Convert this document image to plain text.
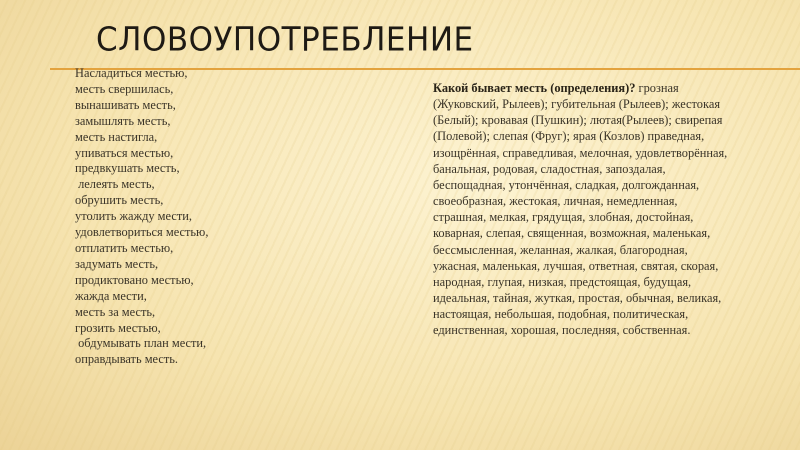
СЛОВОУПОТРЕБЛЕНИЕ
Насладиться местью,
месть свершилась,
вынашивать месть,
замышлять месть,
месть настигла,
упиваться местью,
предвкушать месть,
лелеять месть,
обрушить месть,
утолить жажду мести,
удовлетвориться местью,
отплатить местью,
задумать месть,
продиктовано местью,
жажда мести,
месть за месть,
грозить местью,
обдумывать план мести,
оправдывать месть.

Какой бывает месть (определения)? грозная (Жуковский, Рылеев); губительная (Рылеев); жестокая (Белый); кровавая (Пушкин); лютая(Рылеев); свирепая (Полевой); слепая (Фруг); ярая (Козлов) праведная, изощрённая, справедливая, мелочная, удовлетворённая, банальная, родовая, сладостная, запоздалая, беспощадная, утончённая, сладкая, долгожданная, своеобразная, жестокая, личная, немедленная, страшная, мелкая, грядущая, злобная, достойная, коварная, слепая, священная, возможная, маленькая, бессмысленная, желанная, жалкая, благородная, ужасная, маленькая, лучшая, ответная, святая, скорая, народная, глупая, низкая, предстоящая, будущая, идеальная, тайная, жуткая, простая, обычная, великая, настоящая, небольшая, подобная, политическая, единственная, хорошая, последняя, собственная.
